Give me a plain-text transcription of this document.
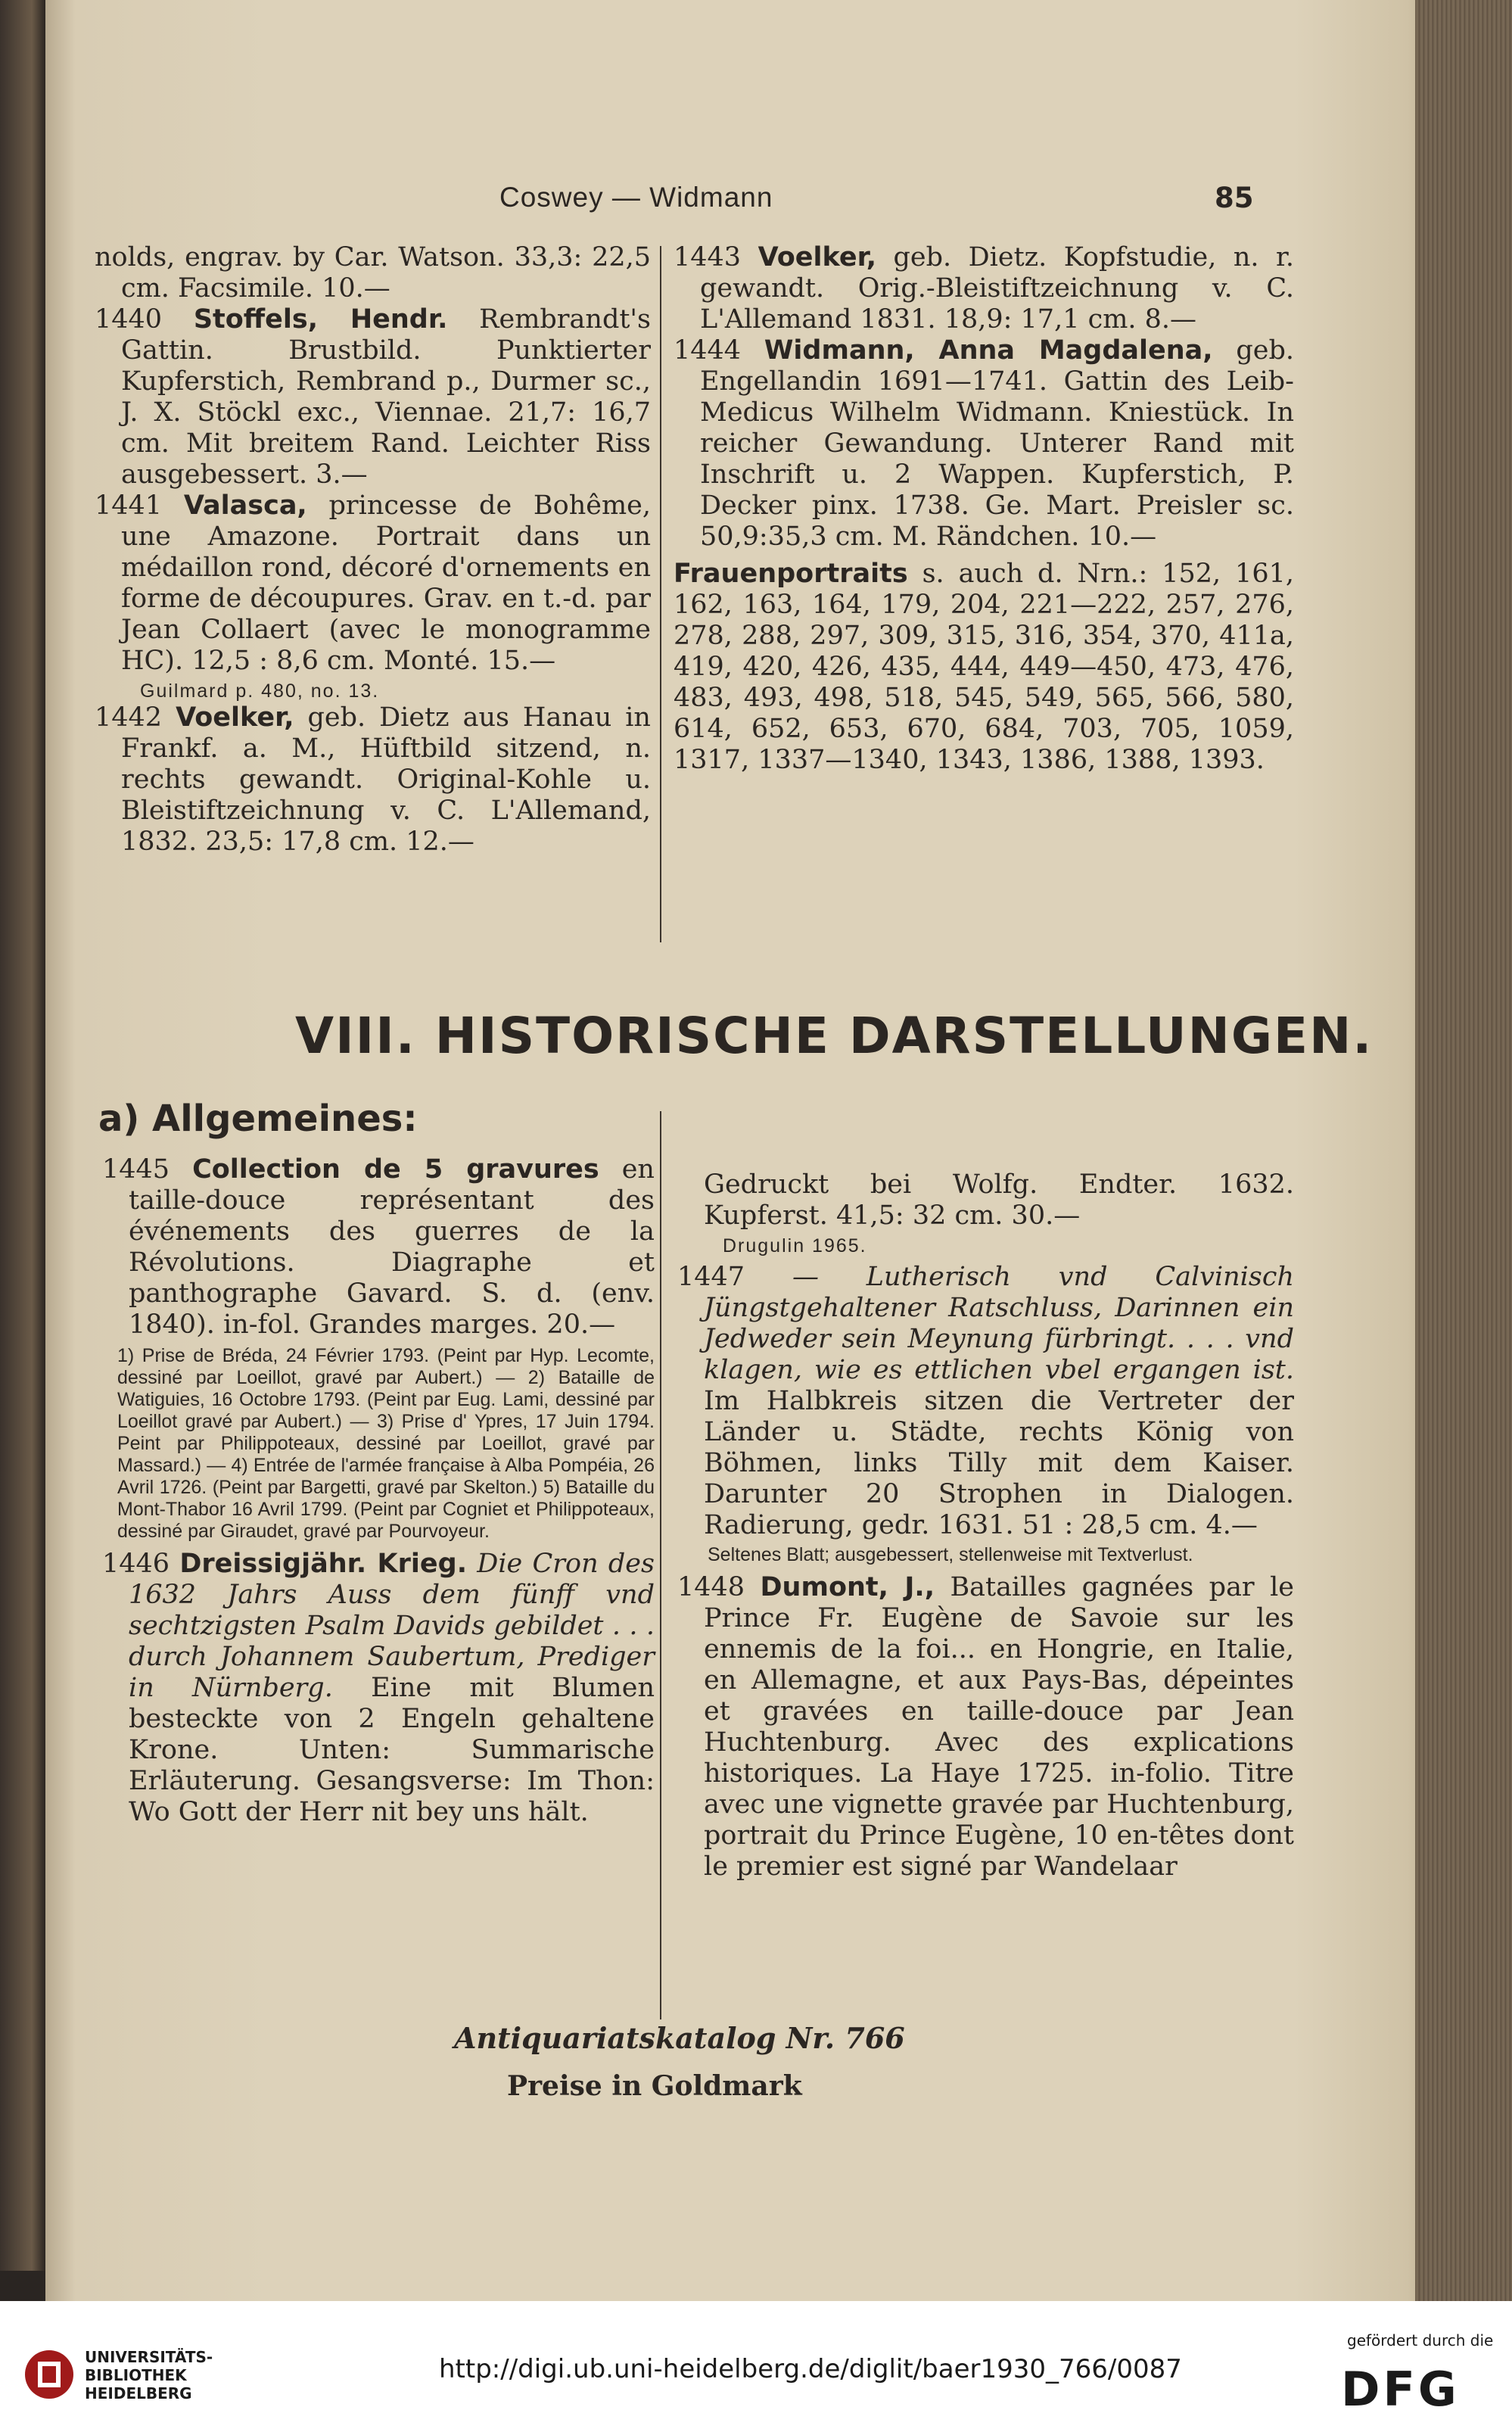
Coswey — Widmann	85
nolds, engrav. by Car. Watson. 33,3: 22,5 cm. Facsimile. 10.—
1440 Stoffels, Hendr. Rembrandt's Gattin. Brustbild. Punktierter Kupferstich, Rembrand p., Durmer sc., J. X. Stöckl exc., Viennae. 21,7: 16,7 cm. Mit breitem Rand. Leichter Riss ausgebessert. 3.—
1441 Valasca, princesse de Bohême, une Amazone. Portrait dans un médaillon rond, décoré d'ornements en forme de découpures. Grav. en t.-d. par Jean Collaert (avec le monogramme HC). 12,5 : 8,6 cm. Monté. 15.—
Guilmard p. 480, no. 13.
1442 Voelker, geb. Dietz aus Hanau in Frankf. a. M., Hüftbild sitzend, n. rechts gewandt. Original-Kohle u. Bleistiftzeichnung v. C. L'Allemand, 1832. 23,5: 17,8 cm. 12.—
1443 Voelker, geb. Dietz. Kopfstudie, n. r. gewandt. Orig.-Bleistiftzeichnung v. C. L'Allemand 1831. 18,9: 17,1 cm. 8.—
1444 Widmann, Anna Magdalena, geb. Engellandin 1691—1741. Gattin des Leib-Medicus Wilhelm Widmann. Kniestück. In reicher Gewandung. Unterer Rand mit Inschrift u. 2 Wappen. Kupferstich, P. Decker pinx. 1738. Ge. Mart. Preisler sc. 50,9:35,3 cm. M. Rändchen. 10.—
Frauenportraits s. auch d. Nrn.: 152, 161, 162, 163, 164, 179, 204, 221—222, 257, 276, 278, 288, 297, 309, 315, 316, 354, 370, 411a, 419, 420, 426, 435, 444, 449—450, 473, 476, 483, 493, 498, 518, 545, 549, 565, 566, 580, 614, 652, 653, 670, 684, 703, 705, 1059, 1317, 1337—1340, 1343, 1386, 1388, 1393.
VIII. HISTORISCHE DARSTELLUNGEN.
a) Allgemeines:
1445 Collection de 5 gravures en taille-douce représentant des événements des guerres de la Révolutions. Diagraphe et panthographe Gavard. S. d. (env. 1840). in-fol. Grandes marges. 20.—
1) Prise de Bréda, 24 Février 1793. (Peint par Hyp. Lecomte, dessiné par Loeillot, gravé par Aubert.) — 2) Bataille de Watiguies, 16 Octobre 1793. (Peint par Eug. Lami, dessiné par Loeillot gravé par Aubert.) — 3) Prise d' Ypres, 17 Juin 1794. Peint par Philippoteaux, dessiné par Loeillot, gravé par Massard.) — 4) Entrée de l'armée française à Alba Pompéia, 26 Avril 1726. (Peint par Bargetti, gravé par Skelton.) 5) Bataille du Mont-Thabor 16 Avril 1799. (Peint par Cogniet et Philippoteaux, dessiné par Giraudet, gravé par Pourvoyeur.
1446 Dreissigjähr. Krieg. Die Cron des 1632 Jahrs Auss dem fünff vnd sechtzigsten Psalm Davids gebildet . . . durch Johannem Saubertum, Prediger in Nürnberg. Eine mit Blumen besteckte von 2 Engeln gehaltene Krone. Unten: Summarische Erläuterung. Gesangsverse: Im Thon: Wo Gott der Herr nit bey uns hält.
Gedruckt bei Wolfg. Endter. 1632. Kupferst. 41,5: 32 cm. 30.—
Drugulin 1965.
1447 — Lutherisch vnd Calvinisch Jüngstgehaltener Ratschluss, Darinnen ein Jedweder sein Meynung fürbringt. . . . vnd klagen, wie es ettlichen vbel ergangen ist. Im Halbkreis sitzen die Vertreter der Länder u. Städte, rechts König von Böhmen, links Tilly mit dem Kaiser. Darunter 20 Strophen in Dialogen. Radierung, gedr. 1631. 51 : 28,5 cm. 4.—
Seltenes Blatt; ausgebessert, stellenweise mit Textverlust.
1448 Dumont, J., Batailles gagnées par le Prince Fr. Eugène de Savoie sur les ennemis de la foi... en Hongrie, en Italie, en Allemagne, et aux Pays-Bas, dépeintes et gravées en taille-douce par Jean Huchtenburg. Avec des explications historiques. La Haye 1725. in-folio. Titre avec une vignette gravée par Huchtenburg, portrait du Prince Eugène, 10 en-têtes dont le premier est signé par Wandelaar
Antiquariatskatalog Nr. 766
Preise in Goldmark
UNIVERSITÄTS-
BIBLIOTHEK
HEIDELBERG
http://digi.ub.uni-heidelberg.de/diglit/baer1930_766/0087
gefördert durch die
DFG
